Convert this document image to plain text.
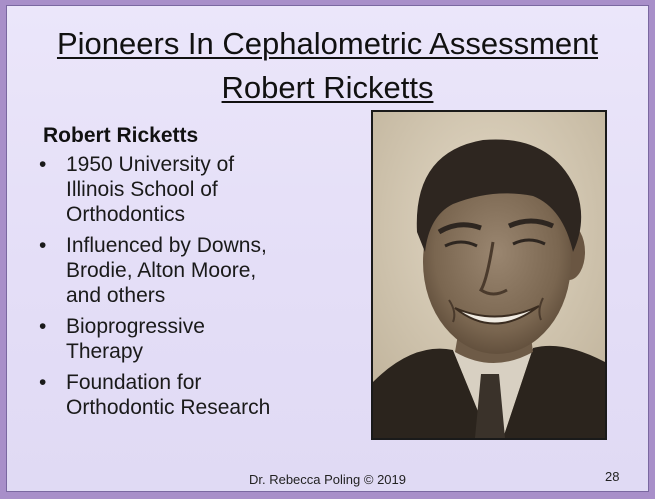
Pioneers In Cephalometric Assessment
Robert Ricketts
Robert Ricketts
• 1950 University of
Illinois School of
Orthodontics
• Influenced by Downs,
Brodie, Alton Moore,
and others
• Bioprogressive
Therapy
• Foundation for
Orthodontic Research
Dr. Rebecca Poling © 2019	28
